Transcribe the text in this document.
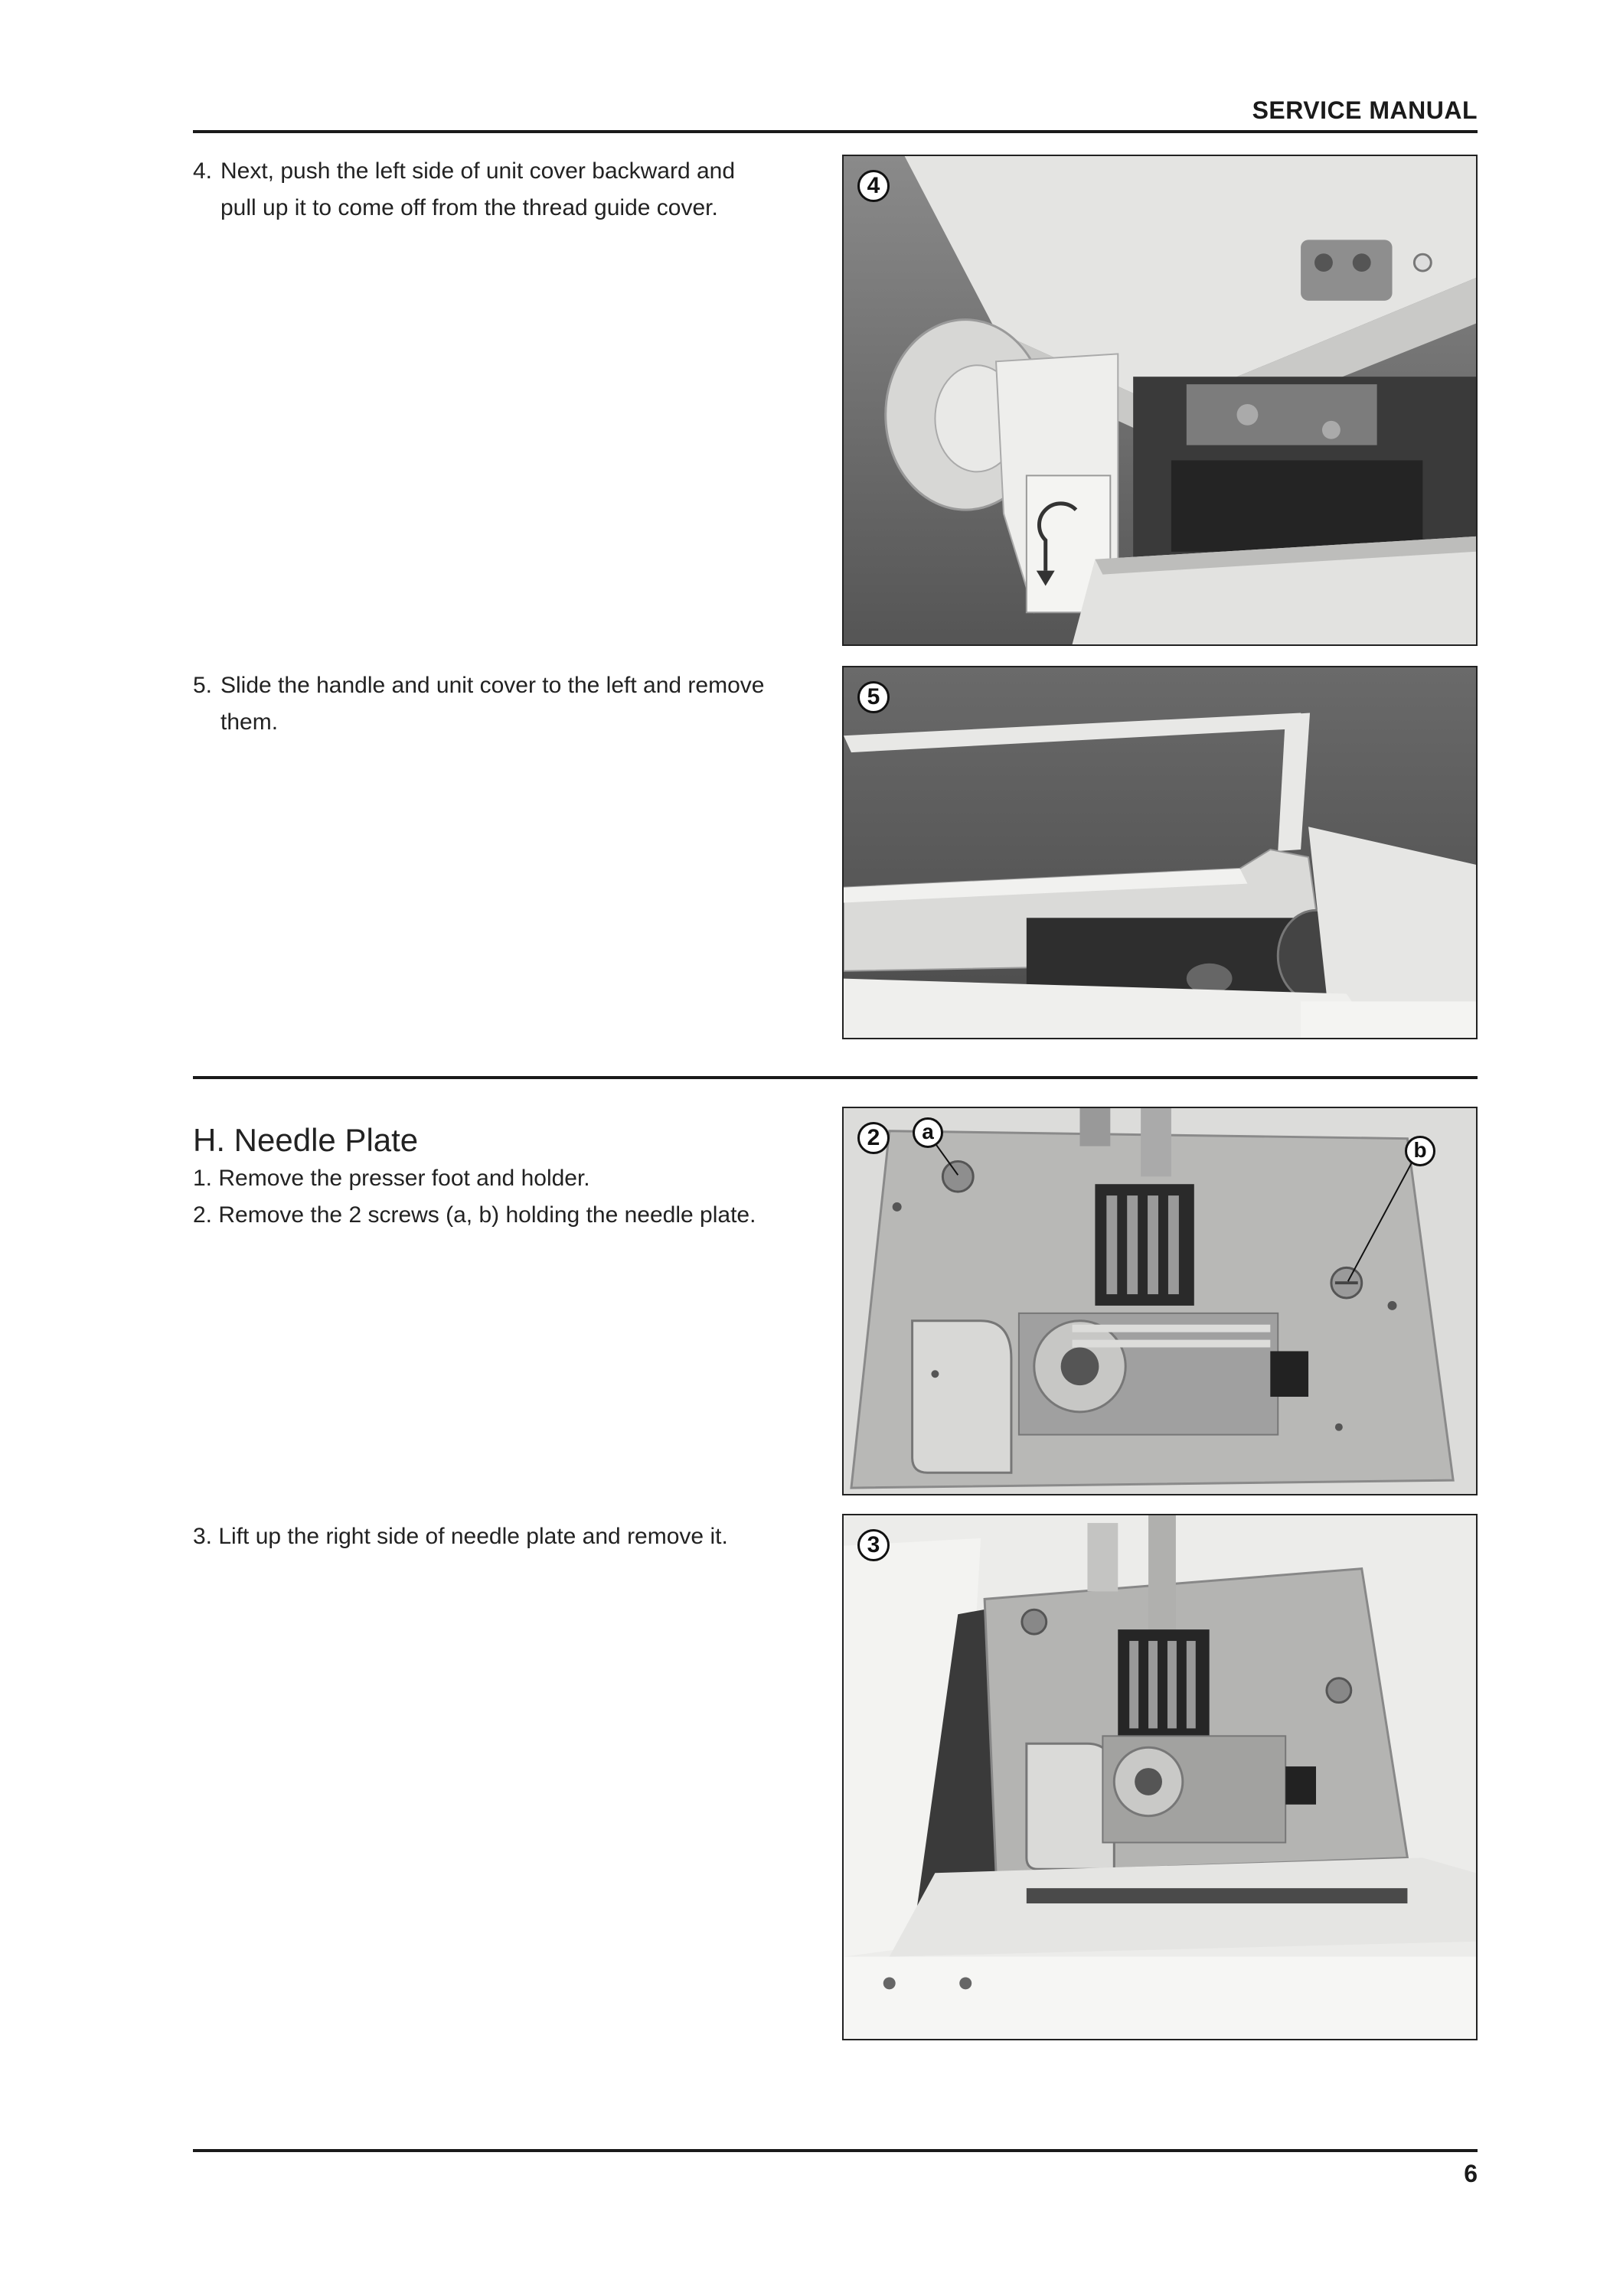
SERVICE MANUAL
4. Next, push the left side of unit cover backward and
pull up it to come off from the thread guide cover.
4
5. Slide the handle and unit cover to the left and remove
them.
5
H. Needle Plate
1. Remove the presser foot and holder.
2. Remove the 2 screws (a, b) holding the needle plate.
3. Lift up the right side of needle plate and remove it.
2	a
b
3
6
